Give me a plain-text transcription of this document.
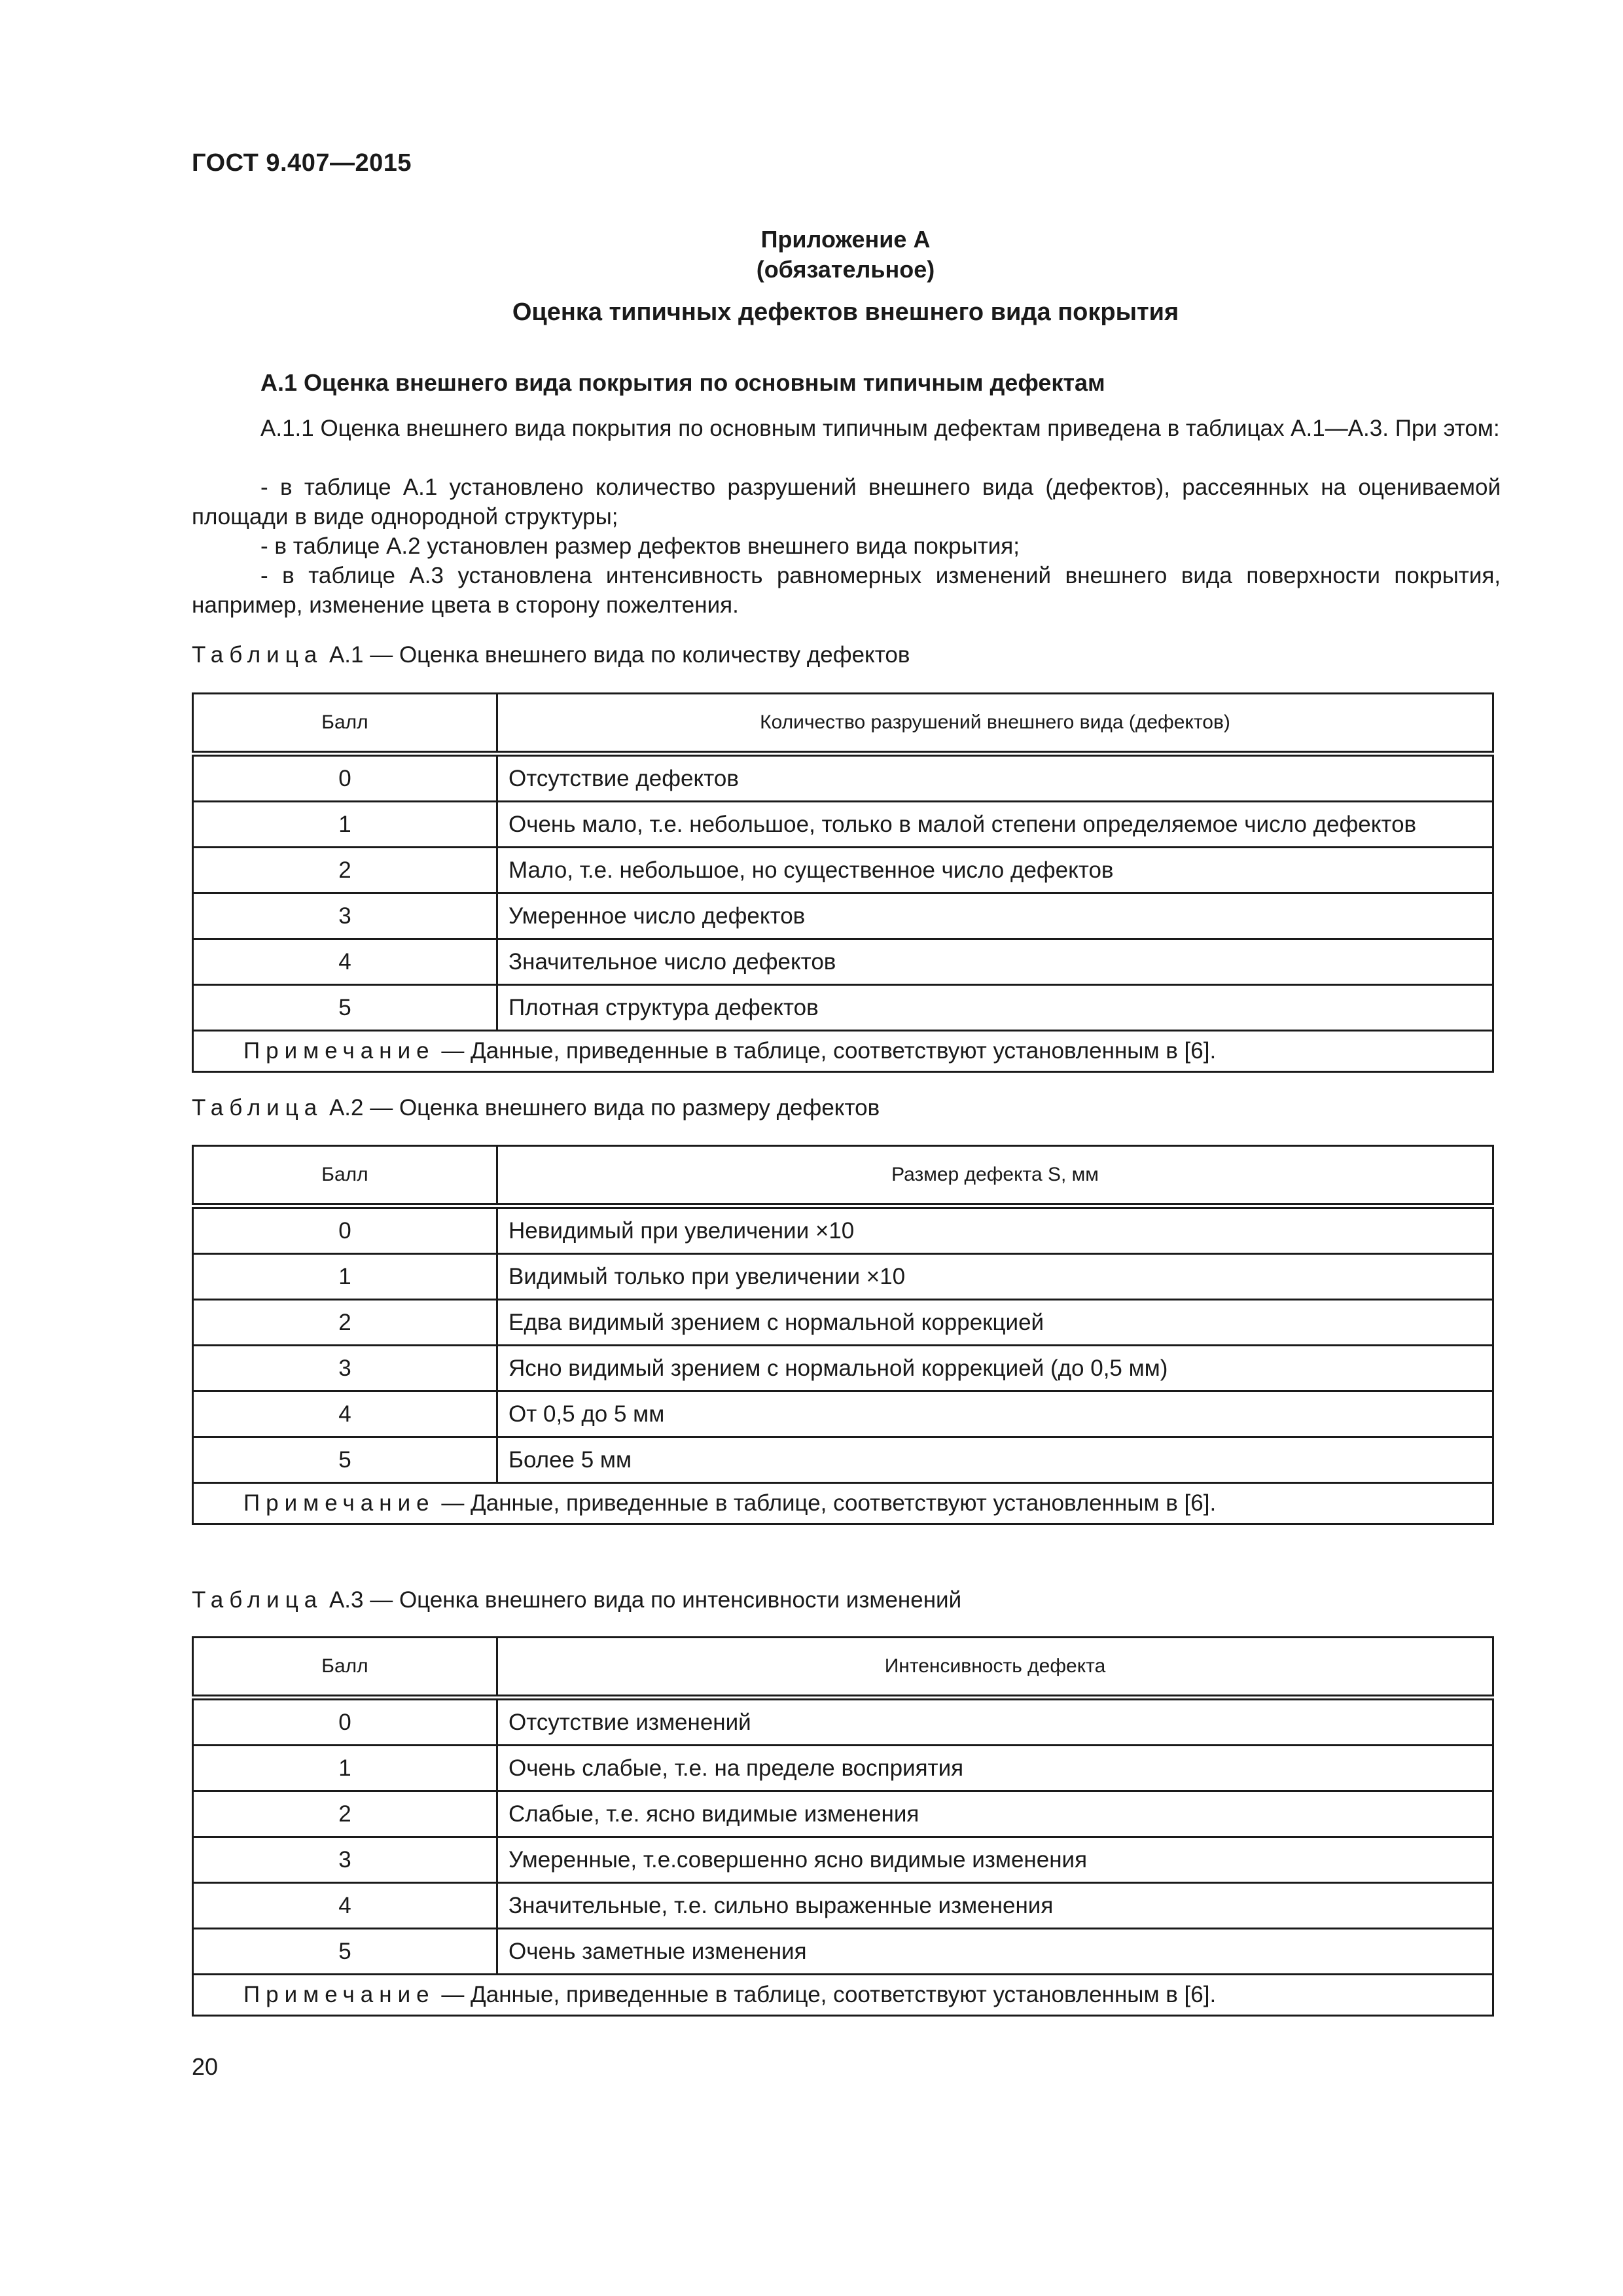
ГОСТ 9.407—2015
Приложение А
(обязательное)
Оценка типичных дефектов внешнего вида покрытия
А.1 Оценка внешнего вида покрытия по основным типичным дефектам
А.1.1 Оценка внешнего вида покрытия по основным типичным дефектам приведена в таблицах А.1—А.3. При этом:
- в таблице А.1 установлено количество разрушений внешнего вида (дефектов), рассеянных на оцениваемой площади в виде однородной структуры;
- в таблице А.2 установлен размер дефектов внешнего вида покрытия;
- в таблице А.3 установлена интенсивность равномерных изменений внешнего вида поверхности покрытия, например, изменение цвета в сторону пожелтения.
Таблица А.1 — Оценка внешнего вида по количеству дефектов
Балл	Количество разрушений внешнего вида (дефектов)
0	Отсутствие дефектов
1	Очень мало, т.е. небольшое, только в малой степени определяемое число дефектов
2	Мало, т.е. небольшое, но существенное число дефектов
3	Умеренное число дефектов
4	Значительное число дефектов
5	Плотная структура дефектов
Примечание — Данные, приведенные в таблице, соответствуют установленным в [6].	
Таблица А.2 — Оценка внешнего вида по размеру дефектов
Балл	Размер дефекта S, мм
0	Невидимый при увеличении ×10
1	Видимый только при увеличении ×10
2	Едва видимый зрением с нормальной коррекцией
3	Ясно видимый зрением с нормальной коррекцией (до 0,5 мм)
4	От 0,5 до 5 мм
5	Более 5 мм
Примечание — Данные, приведенные в таблице, соответствуют установленным в [6].	
Таблица А.3 — Оценка внешнего вида по интенсивности изменений
Балл	Интенсивность дефекта
0	Отсутствие изменений
1	Очень слабые, т.е. на пределе восприятия
2	Слабые, т.е. ясно видимые изменения
3	Умеренные, т.е.совершенно ясно видимые изменения
4	Значительные, т.е. сильно выраженные изменения
5	Очень заметные изменения
Примечание — Данные, приведенные в таблице, соответствуют установленным в [6].	
20
